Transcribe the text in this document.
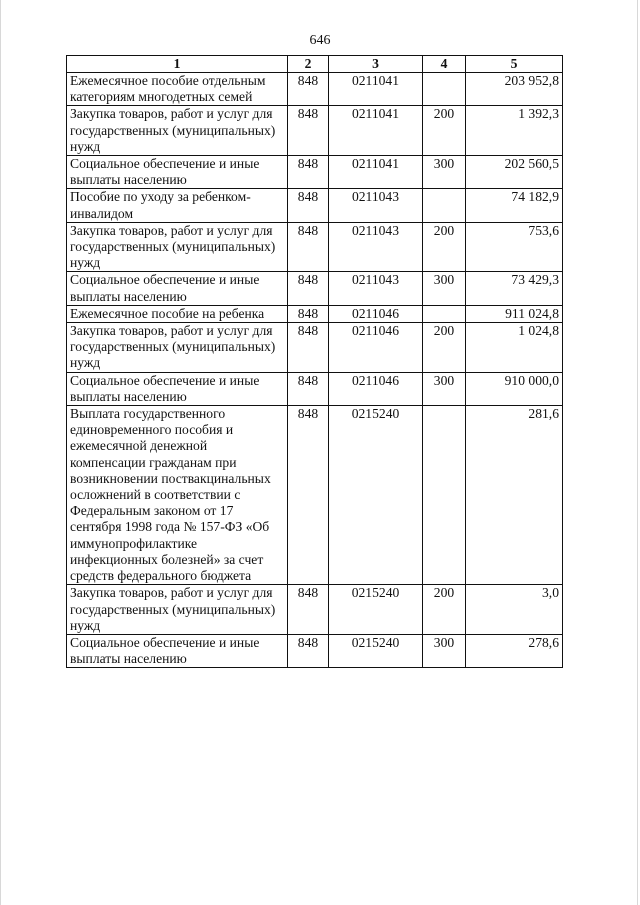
646
1	2	3	4	5
Ежемесячное пособие отдельным категориям многодетных семей	848	0211041		203 952,8
Закупка товаров, работ и услуг для государственных (муниципальных) нужд	848	0211041	200	1 392,3
Социальное обеспечение и иные выплаты населению	848	0211041	300	202 560,5
Пособие по уходу за ребенком-инвалидом	848	0211043		74 182,9
Закупка товаров, работ и услуг для государственных (муниципальных) нужд	848	0211043	200	753,6
Социальное обеспечение и иные выплаты населению	848	0211043	300	73 429,3
Ежемесячное пособие на ребенка	848	0211046		911 024,8
Закупка товаров, работ и услуг для государственных (муниципальных) нужд	848	0211046	200	1 024,8
Социальное обеспечение и иные выплаты населению	848	0211046	300	910 000,0
Выплата государственного единовременного пособия и ежемесячной денежной компенсации гражданам при возникновении поствакцинальных осложнений в соответствии с Федеральным законом от 17 сентября 1998 года № 157-ФЗ «Об иммунопрофилактике инфекционных болезней» за счет средств федерального бюджета	848	0215240		281,6
Закупка товаров, работ и услуг для государственных (муниципальных) нужд	848	0215240	200	3,0
Социальное обеспечение и иные выплаты населению	848	0215240	300	278,6
